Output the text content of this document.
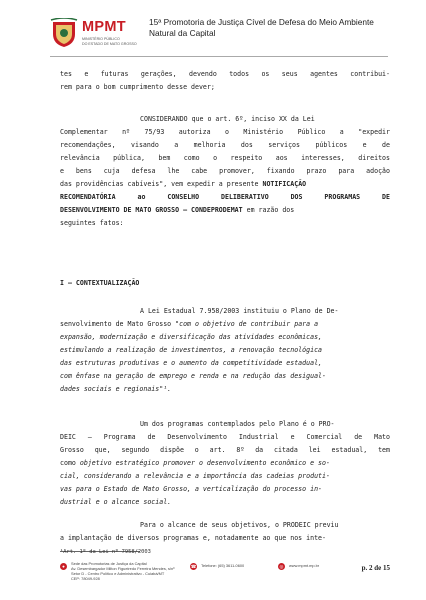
MPMT
MINISTÉRIO PÚBLICO
DO ESTADO DE MATO GROSSO
15ª Promotoria de Justiça Cível de Defesa do Meio Ambiente
Natural da Capital
tes e futuras gerações, devendo todos os seus agentes contribui-
rem para o bom cumprimento desse dever;
CONSIDERANDO que o art. 6º, inciso XX da Lei
Complementar nº 75/93 autoriza o Ministério Público a "expedir
recomendações, visando a melhoria dos serviços públicos e de
relevância pública, bem como o respeito aos interesses, direitos
e bens cuja defesa lhe cabe promover, fixando prazo para adoção
das providências cabíveis", vem expedir a presente NOTIFICAÇÃO
RECOMENDATÓRIA ao CONSELHO DELIBERATIVO DOS PROGRAMAS DE
DESENVOLVIMENTO DE MATO GROSSO – CONDEPRODEMAT em razão dos
seguintes fatos:
I – CONTEXTUALIZAÇÃO
A Lei Estadual 7.958/2003 instituiu o Plano de De-
senvolvimento de Mato Grosso "com o objetivo de contribuir para a
expansão, modernização e diversificação das atividades econômicas,
estimulando a realização de investimentos, a renovação tecnológica
das estruturas produtivas e o aumento da competitividade estadual,
com ênfase na geração de emprego e renda e na redução das desigual-
dades sociais e regionais"¹.
Um dos programas contemplados pelo Plano é o PRO-
DEIC – Programa de Desenvolvimento Industrial e Comercial de Mato
Grosso que, segundo dispõe o art. 8º da citada lei estadual, tem
como objetivo estratégico promover o desenvolvimento econômico e so-
cial, considerando a relevância e a importância das cadeias produti-
vas para o Estado de Mato Grosso, a verticalização do processo in-
dustrial e o alcance social.
Para o alcance de seus objetivos, o PRODEIC previu
a implantação de diversos programas e, notadamente ao que nos inte-
¹Art. 1º da Lei nº 7958/2003
●
Sede das Promotorias de Justiça da Capital
Av. Desembargador Milton Figueiredo Ferreira Mendes, s/nº
Setor D - Centro Político e Administrativo - Cuiabá/MT
CEP: 78049-928
☎ Telefone: (65) 3611-0600	◎	www.mpmt.mp.br	p. 2 de 15
